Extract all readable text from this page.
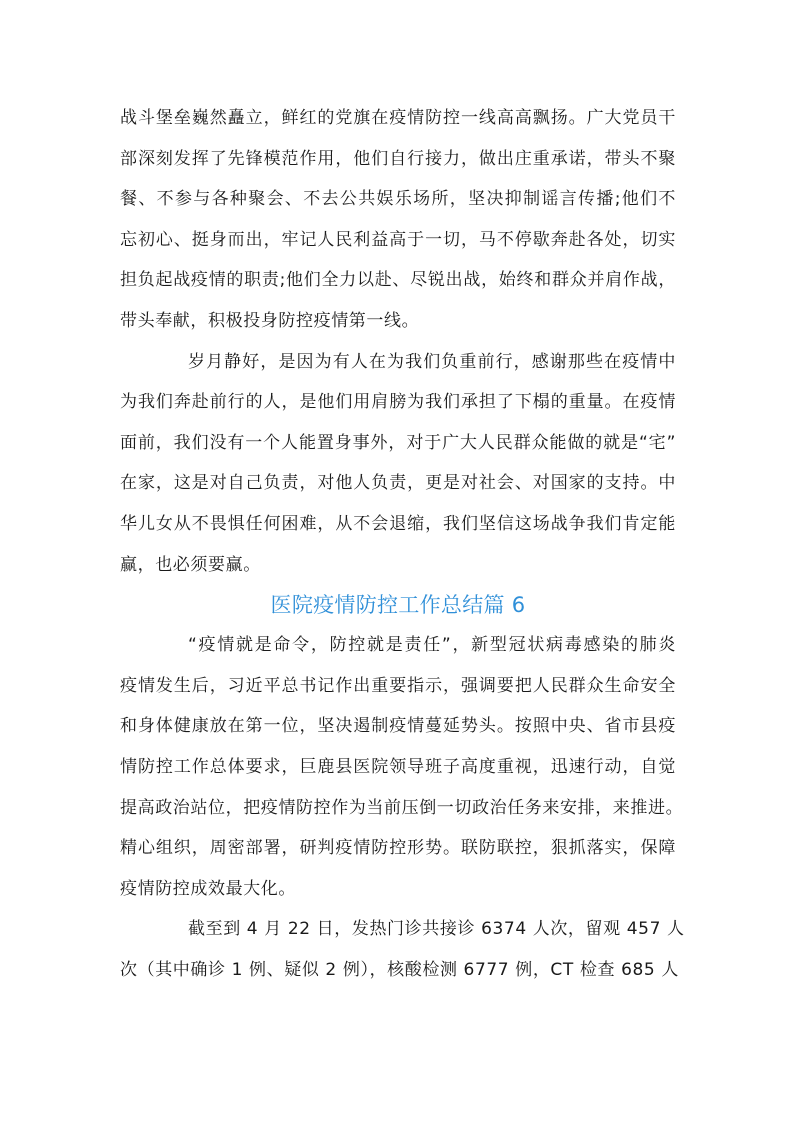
战斗堡垒巍然矗立，鲜红的党旗在疫情防控一线高高飘扬。广大党员干
部深刻发挥了先锋模范作用，他们自行接力，做出庄重承诺，带头不聚
餐、不参与各种聚会、不去公共娱乐场所，坚决抑制谣言传播;他们不
忘初心、挺身而出，牢记人民利益高于一切，马不停歇奔赴各处，切实
担负起战疫情的职责;他们全力以赴、尽锐出战，始终和群众并肩作战，
带头奉献，积极投身防控疫情第一线。

岁月静好，是因为有人在为我们负重前行，感谢那些在疫情中
为我们奔赴前行的人，是他们用肩膀为我们承担了下榻的重量。在疫情
面前，我们没有一个人能置身事外，对于广大人民群众能做的就是“宅”
在家，这是对自己负责，对他人负责，更是对社会、对国家的支持。中
华儿女从不畏惧任何困难，从不会退缩，我们坚信这场战争我们肯定能
赢，也必须要赢。

医院疫情防控工作总结篇 6

“疫情就是命令，防控就是责任”，新型冠状病毒感染的肺炎
疫情发生后，习近平总书记作出重要指示，强调要把人民群众生命安全
和身体健康放在第一位，坚决遏制疫情蔓延势头。按照中央、省市县疫
情防控工作总体要求，巨鹿县医院领导班子高度重视，迅速行动，自觉
提高政治站位，把疫情防控作为当前压倒一切政治任务来安排，来推进。
精心组织，周密部署，研判疫情防控形势。联防联控，狠抓落实，保障
疫情防控成效最大化。

截至到 4 月 22 日，发热门诊共接诊 6374 人次，留观 457 人
次（其中确诊 1 例、疑似 2 例），核酸检测 6777 例，CT 检查 685 人
